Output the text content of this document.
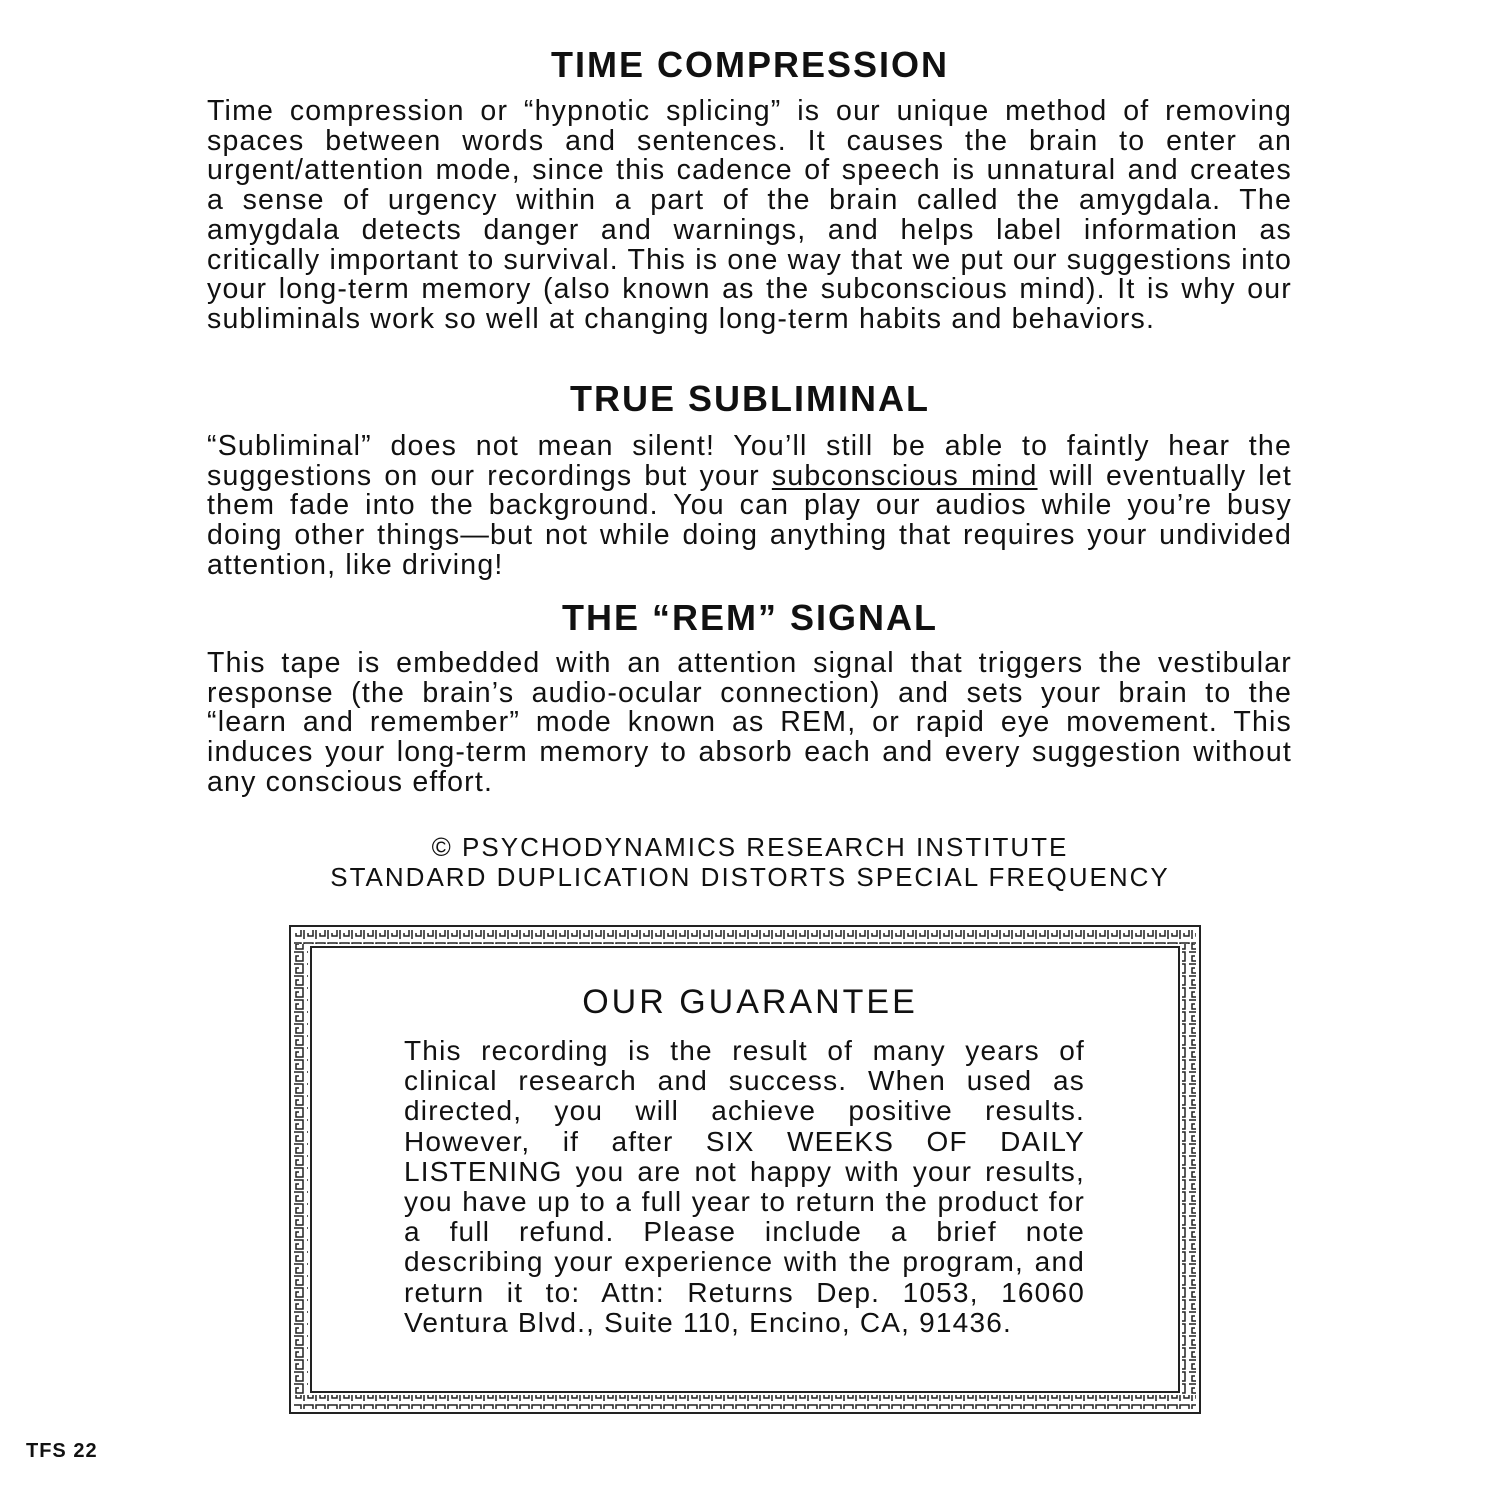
TIME COMPRESSION

Time compression or “hypnotic splicing” is our unique method of removing spaces between words and sentences. It causes the brain to enter an urgent/attention mode, since this cadence of speech is unnatural and creates a sense of urgency within a part of the brain called the amygdala. The amygdala detects danger and warnings, and helps label information as critically important to survival. This is one way that we put our suggestions into your long-term memory (also known as the subconscious mind). It is why our subliminals work so well at changing long-term habits and behaviors.

TRUE SUBLIMINAL

“Subliminal” does not mean silent! You’ll still be able to faintly hear the suggestions on our recordings but your subconscious mind will eventually let them fade into the background. You can play our audios while you’re busy doing other things—but not while doing anything that requires your undivided attention, like driving!

THE “REM” SIGNAL

This tape is embedded with an attention signal that triggers the vestibular response (the brain’s audio-ocular connection) and sets your brain to the “learn and remember” mode known as REM, or rapid eye movement. This induces your long-term memory to absorb each and every suggestion without any conscious effort.

© PSYCHODYNAMICS RESEARCH INSTITUTE
STANDARD DUPLICATION DISTORTS SPECIAL FREQUENCY
OUR GUARANTEE

This recording is the result of many years of clinical research and success. When used as directed, you will achieve positive results. However, if after SIX WEEKS OF DAILY LISTENING you are not happy with your results, you have up to a full year to return the product for a full refund. Please include a brief note describing your experience with the program, and return it to: Attn: Returns Dep. 1053, 16060 Ventura Blvd., Suite 110, Encino, CA, 91436.

TFS 22
